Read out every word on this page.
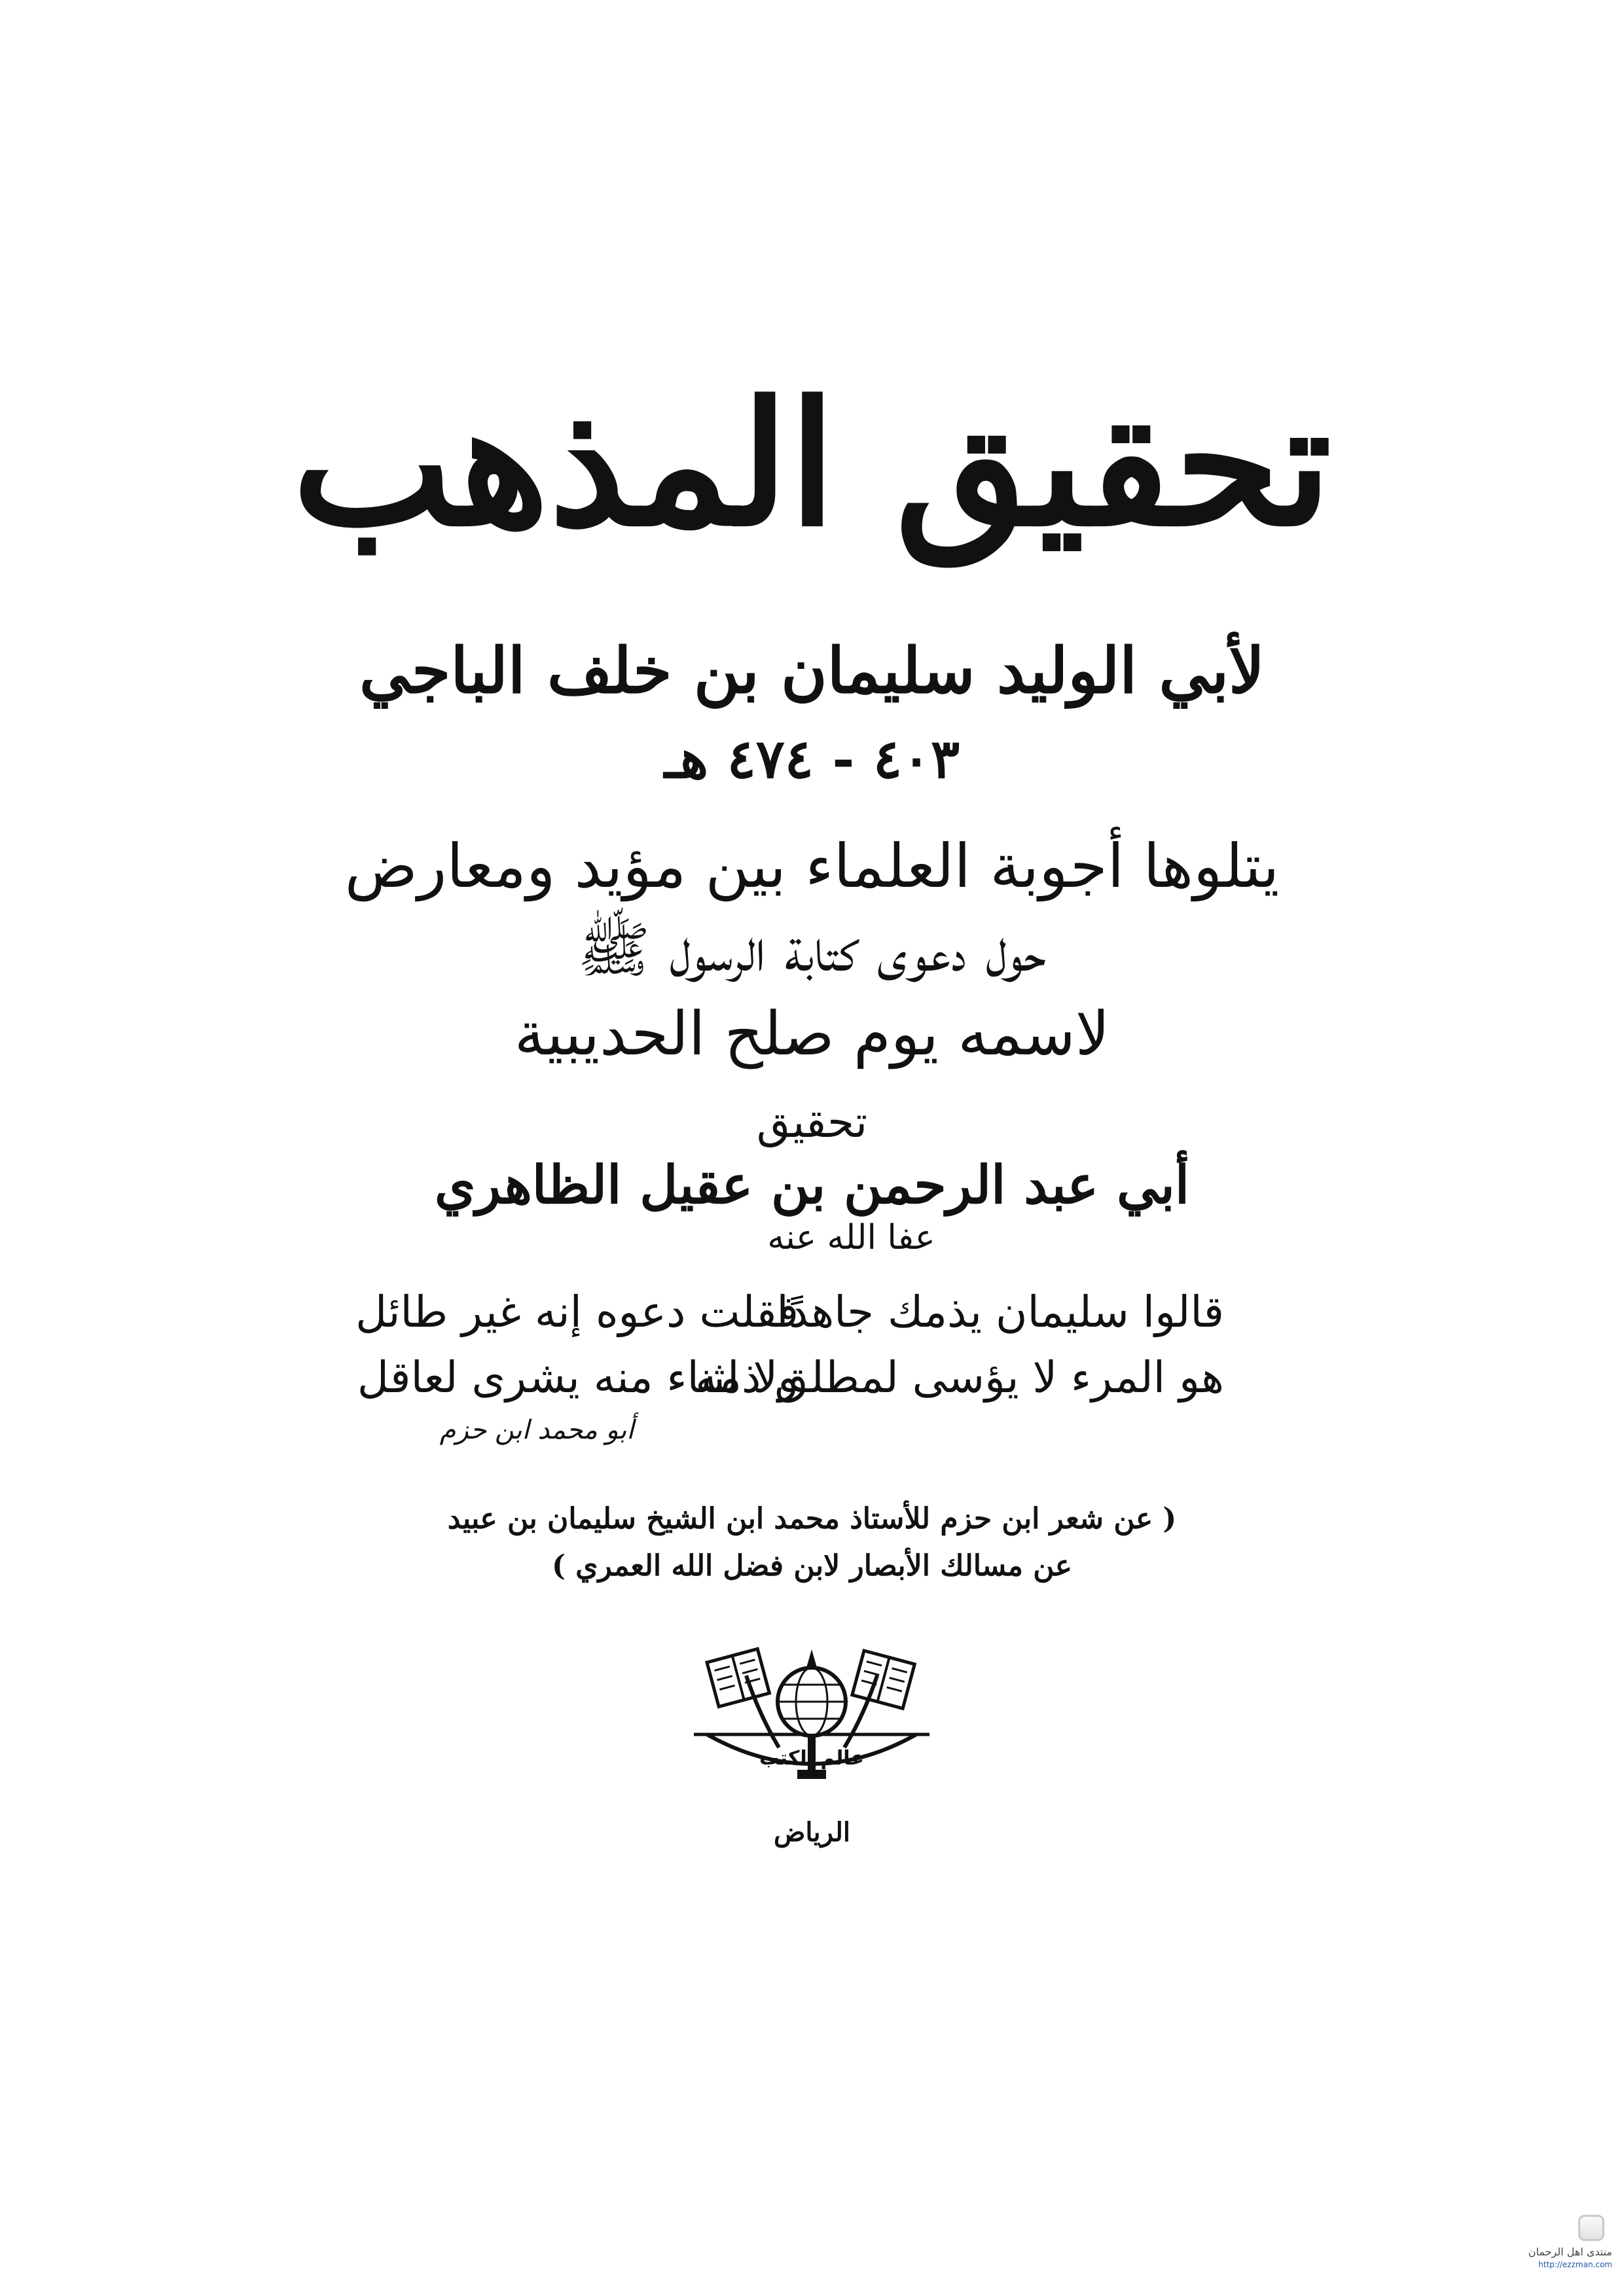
تحقيق المذهب
لأبي الوليد سليمان بن خلف الباجي
٤٠٣ - ٤٧٤ هـ
يتلوها أجوبة العلماء بين مؤيد ومعارض
حول دعوى كتابة الرسول ﷺ
لاسمه يوم صلح الحديبية
تحقيق
أبي عبد الرحمن بن عقيل الظاهري
عفا الله عنه
قالوا سليمان يذمك جاهدًا
هو المرء لا يؤسى لمطلق ذمه
فقلت دعوه إنه غير طائل
ولا لثناء منه يشرى لعاقل
أبو محمد ابن حزم
( عن شعر ابن حزم للأستاذ محمد ابن الشيخ سليمان بن عبيد
عن مسالك الأبصار لابن فضل الله العمري )
عالم الكتب
الرياض
منتدى اهل الرحمان
http://ezzman.com
